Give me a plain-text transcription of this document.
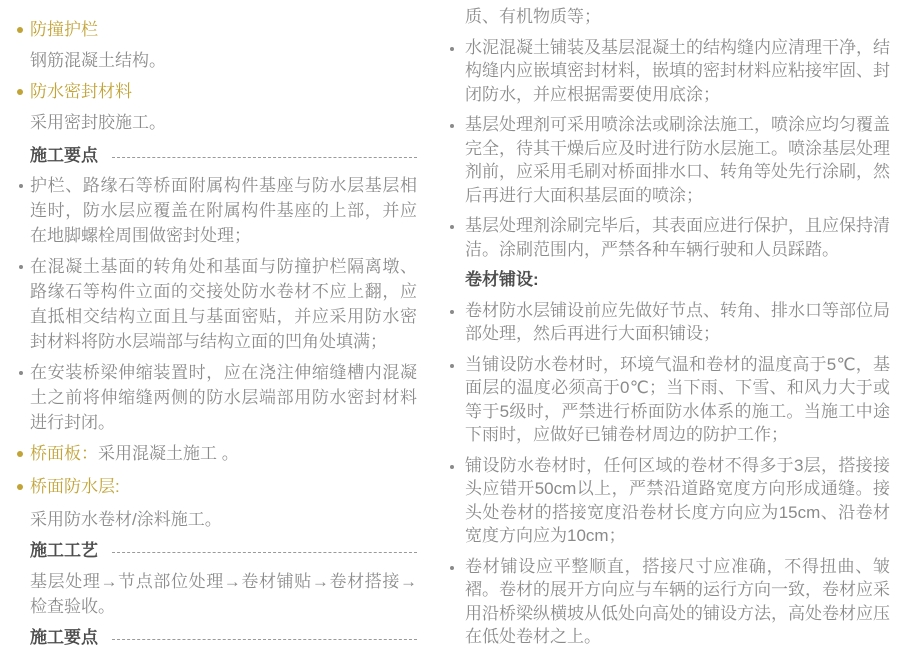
防撞护栏
钢筋混凝土结构。
防水密封材料
采用密封胶施工。
施工要点
护栏、路缘石等桥面附属构件基座与防水层基层相连时，防水层应覆盖在附属构件基座的上部，并应在地脚螺栓周围做密封处理；
在混凝土基面的转角处和基面与防撞护栏隔离墩、路缘石等构件立面的交接处防水卷材不应上翻，应直抵相交结构立面且与基面密贴，并应采用防水密封材料将防水层端部与结构立面的凹角处填满；
在安装桥梁伸缩装置时，应在浇注伸缩缝槽内混凝土之前将伸缩缝两侧的防水层端部用防水密封材料进行封闭。
桥面板：采用混凝土施工 。
桥面防水层:
采用防水卷材/涂料施工。
施工工艺
基层处理→节点部位处理→卷材铺贴→卷材搭接→检查验收。
施工要点
质、有机物质等；
水泥混凝土铺装及基层混凝土的结构缝内应清理干净，结构缝内应嵌填密封材料，嵌填的密封材料应粘接牢固、封闭防水，并应根据需要使用底涂；
基层处理剂可采用喷涂法或刷涂法施工，喷涂应均匀覆盖完全，待其干燥后应及时进行防水层施工。喷涂基层处理剂前，应采用毛刷对桥面排水口、转角等处先行涂刷，然后再进行大面积基层面的喷涂；
基层处理剂涂刷完毕后，其表面应进行保护，且应保持清洁。涂刷范围内，严禁各种车辆行驶和人员踩踏。
卷材铺设:
卷材防水层铺设前应先做好节点、转角、排水口等部位局部处理，然后再进行大面积铺设；
当铺设防水卷材时，环境气温和卷材的温度高于5℃，基面层的温度必须高于0℃；当下雨、下雪、和风力大于或等于5级时，严禁进行桥面防水体系的施工。当施工中途下雨时，应做好已铺卷材周边的防护工作；
铺设防水卷材时，任何区域的卷材不得多于3层，搭接接头应错开50cm以上，严禁沿道路宽度方向形成通缝。接头处卷材的搭接宽度沿卷材长度方向应为15cm、沿卷材宽度方向应为10cm；
卷材铺设应平整顺直，搭接尺寸应准确，不得扭曲、皱褶。卷材的展开方向应与车辆的运行方向一致，卷材应采用沿桥梁纵横坡从低处向高处的铺设方法，高处卷材应压在低处卷材之上。
